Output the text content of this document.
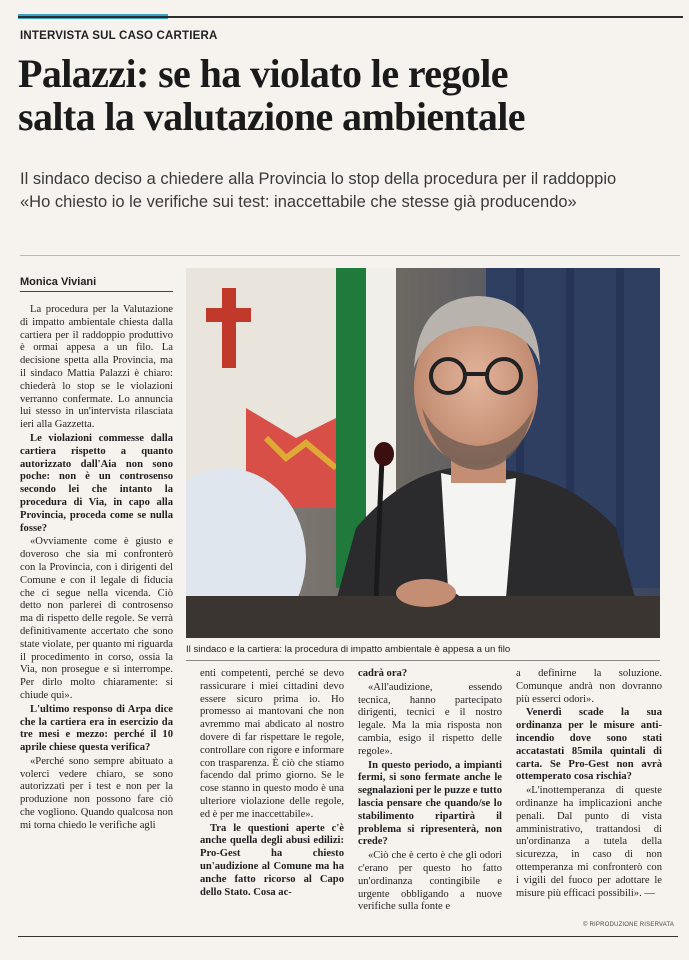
INTERVISTA SUL CASO CARTIERA
Palazzi: se ha violato le regole
salta la valutazione ambientale
Il sindaco deciso a chiedere alla Provincia lo stop della procedura per il raddoppio
«Ho chiesto io le verifiche sui test: inaccettabile che stesse già producendo»
Monica Viviani

La procedura per la Valutazione di impatto ambientale chiesta dalla cartiera per il raddoppio produttivo è ormai appesa a un filo. La decisione spetta alla Provincia, ma il sindaco Mattia Palazzi è chiaro: chiederà lo stop se le violazioni verranno confermate. Lo annuncia lui stesso in un'intervista rilasciata ieri alla Gazzetta.

Le violazioni commesse dalla cartiera rispetto a quanto autorizzato dall'Aia non sono poche: non è un controsenso secondo lei che intanto la procedura di Via, in capo alla Provincia, proceda come se nulla fosse?

«Ovviamente come è giusto e doveroso che sia mi confronterò con la Provincia, con i dirigenti del Comune e con il legale di fiducia che ci segue nella vicenda. Ciò detto non parlerei di controsenso ma di rispetto delle regole. Se verrà definitivamente accertato che sono state violate, per quanto mi riguarda il procedimento in corso, ossia la Via, non prosegue e si interrompe. Per dirlo molto chiaramente: si chiude qui».

L'ultimo responso di Arpa dice che la cartiera era in esercizio da tre mesi e mezzo: perché il 10 aprile chiese questa verifica?

«Perché sono sempre abituato a volerci vedere chiaro, se sono autorizzati per i test e non per la produzione non possono fare ciò che vogliono. Quando qualcosa non mi torna chiedo le verifiche agli

Il sindaco e la cartiera: la procedura di impatto ambientale è appesa a un filo

enti competenti, perché se devo rassicurare i miei cittadini devo essere sicuro prima io. Ho promesso ai mantovani che non avremmo mai abdicato al nostro dovere di far rispettare le regole, controllare con rigore e informare con trasparenza. È ciò che stiamo facendo dal primo giorno. Se le cose stanno in questo modo è una ulteriore violazione delle regole, ed è per me inaccettabile».

Tra le questioni aperte c'è anche quella degli abusi edilizi: Pro-Gest ha chiesto un'audizione al Comune ma ha anche fatto ricorso al Capo dello Stato. Cosa ac-

cadrà ora?

«All'audizione, essendo tecnica, hanno partecipato dirigenti, tecnici e il nostro legale. Ma la mia risposta non cambia, esigo il rispetto delle regole».

In questo periodo, a impianti fermi, si sono fermate anche le segnalazioni per le puzze e tutto lascia pensare che quando/se lo stabilimento ripartirà il problema si ripresenterà, non crede?

«Ciò che è certo è che gli odori c'erano per questo ho fatto un'ordinanza contingibile e urgente obbligando a nuove verifiche sulla fonte e

a definirne la soluzione. Comunque andrà non dovranno più esserci odori».

Venerdì scade la sua ordinanza per le misure anti-incendio dove sono stati accatastati 85mila quintali di carta. Se Pro-Gest non avrà ottemperato cosa rischia?

«L'inottemperanza di queste ordinanze ha implicazioni anche penali. Dal punto di vista amministrativo, trattandosi di un'ordinanza a tutela della sicurezza, in caso di non ottemperanza mi confronterò con i vigili del fuoco per adottare le misure più efficaci possibili». —

© RIPRODUZIONE RISERVATA
